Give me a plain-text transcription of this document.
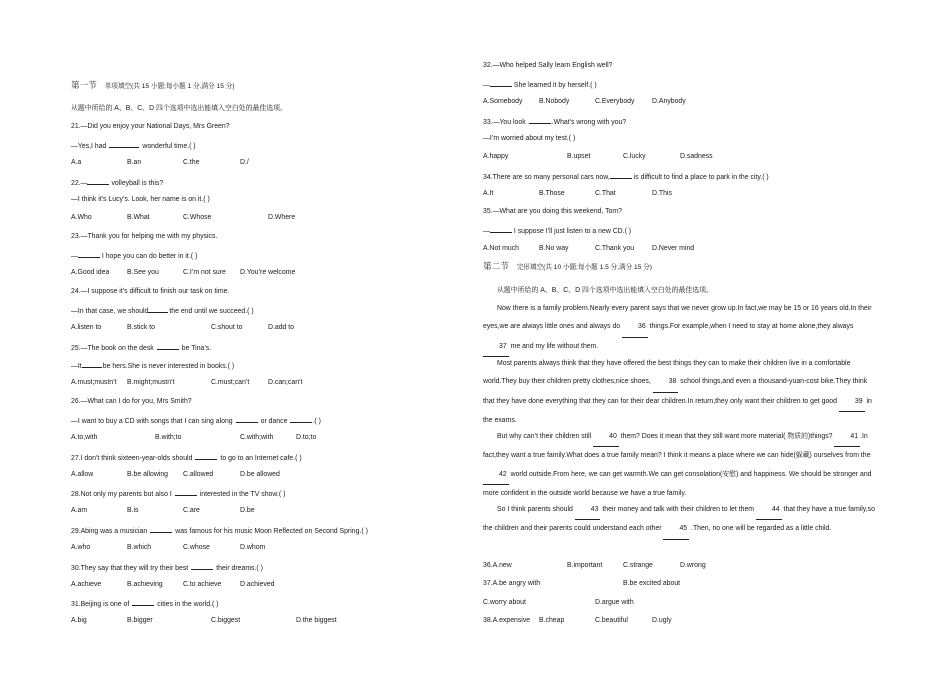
第一节 单项填空(共 15 小题;每小题 1 分,满分 15 分)
从题中所给的 A、B、C、D 四个选项中选出能填入空白处的最佳选项。
21.—Did you enjoy your National Days, Mrs Green?
—Yes,I had	wonderful time.( )
A.a	B.an	C.the	D./
22.—	volleyball is this?
—I think it’s Lucy’s. Look, her name is on it.( )
A.Who	B.What	C.Whose	D.Where
23.—Thank you for helping me with my physics.
—	I hope you can do better in it.( )
A.Good idea	B.See you	C.I’m not sure D.You’re welcome
24.—I suppose it’s difficult to finish our task on time.
—In that case, we should	the end until we succeed.( )
A.listen to	B.stick to	C.shout to	D.add to
25.—The book on the desk	be Tina’s.
—It	be hers.She is never interested in books.( )
A.must;mustn’t B.might;mustn’t	C.must;can’t	D.can;can’t
26.—What can I do for you, Mrs Smith?
—I want to buy a CD with songs that I can sing along	or dance	.( )
A.to,with	B.with;to	C.with;with	D.to;to
27.I don’t think sixteen-year-olds should	to go to an Internet cafe.( )
A.allow	B.be allowing C.allowed	D.be allowed
28.Not only my parents but also I	interested in the TV show.( )
A.am	B.is	C.are	D.be
29.Abing was a musician	was famous for his music Moon Reflected on Second Spring.( )
A.who	B.which	C.whose	D.whom
30.They say that they will try their best	their dreams.( )
A.achieve	B.achieving	C.to achieve	D.achieved
31.Beijing is one of	cities in the world.( )
A.big	B.bigger	C.biggest	D.the biggest
32.—Who helped Sally learn English well?
—	She learned it by herself.( )
A.Somebody B.Nobody	C.Everybody	D.Anybody
33.—You look	.What’s wrong with you?
—I’m worried about my test.( )
A.happy	B.upset	C.lucky	D.sadness
34.There are so many personal cars now,	is difficult to find a place to park in the city.( )
A.It	B.Those	C.That	D.This
35.—What are you doing this weekend, Tom?
—	I suppose I’ll just listen to a new CD.( )
A.Not much	B.No way	C.Thank you	D.Never mind
第二节 完形填空(共 10 小题;每小题 1.5 分,满分 15 分)
从题中所给的 A、B、C、D 四个选项中选出能填入空白处的最佳选项。
Now there is a family problem.Nearly every parent says that we never grow up.In fact,we may be 15 or 16 years old.In their eyes,we are always little ones and always do 36 things.For example,when I need to stay at home alone,they always 37 me and my life without them.
Most parents always think that they have offered the best things they can to make their children live in a comfortable world.They buy their children pretty clothes,nice shoes, 38 school things,and even a thousand-yuan-cost bike.They think that they have done everything that they can for their dear children.In return,they only want their children to get good 39 in the exams.
But why can’t their children still 40 them? Does it mean that they still want more material( 物质的)things? 41 .In fact,they want a true family.What does a true family mean? I think it means a place where we can hide(躲藏) ourselves from the 42 world outside.From here, we can get warmth.We can get consolation(安慰) and happiness. We should be stronger and more confident in the outside world because we have a true family.
So I think parents should 43 their money and talk with their children to let them 44 that they have a true family,so the children and their parents could understand each other 45 .Then, no one will be regarded as a little child.
36.A.new	B.important	C.strange	D.wrong
37.A.be angry with	B.be excited about
C.worry about	D.argue with
38.A.expensive B.cheap	C.beautiful	D.ugly
